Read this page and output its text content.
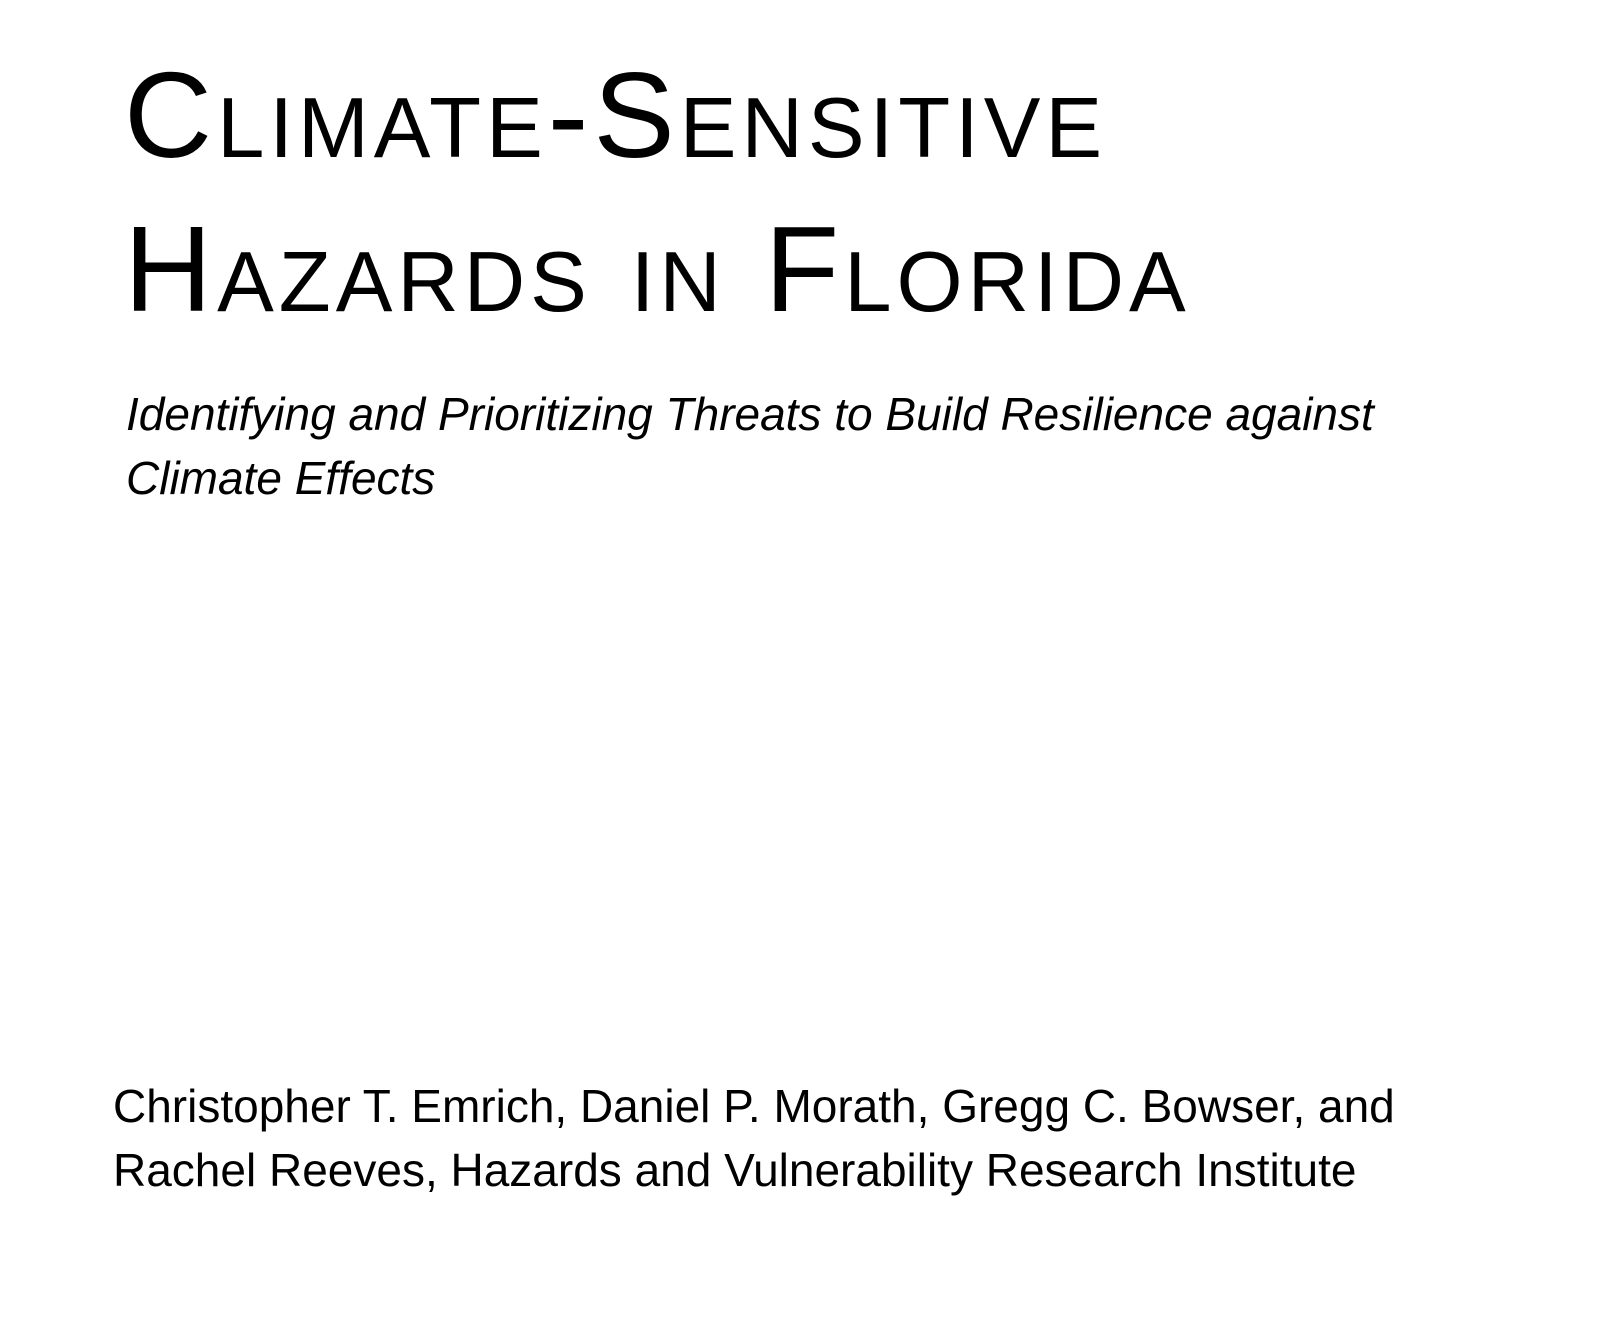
Climate-Sensitive
Hazards in Florida

Identifying and Prioritizing Threats to Build Resilience against
Climate Effects

Christopher T. Emrich, Daniel P. Morath, Gregg C. Bowser, and
Rachel Reeves, Hazards and Vulnerability Research Institute
